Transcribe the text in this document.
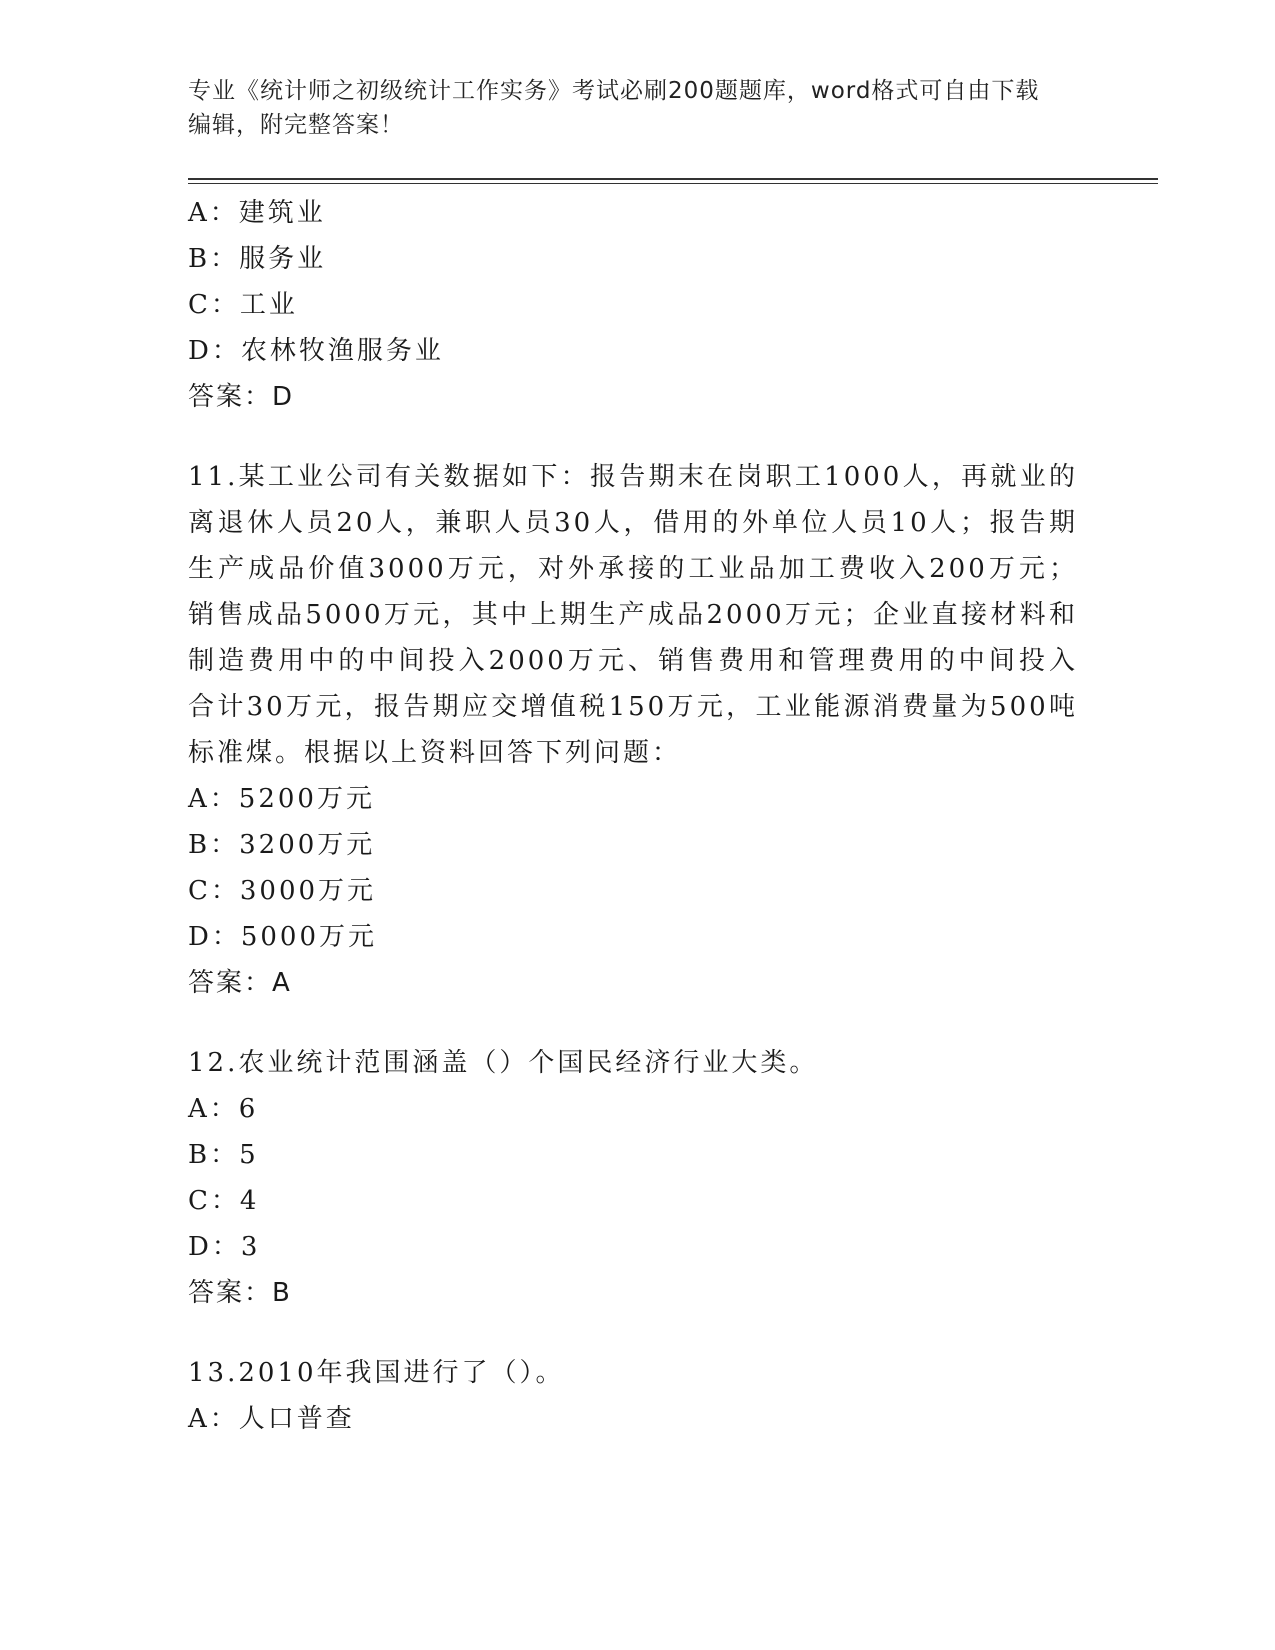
专业《统计师之初级统计工作实务》考试必刷200题题库，word格式可自由下载
编辑，附完整答案！
A：建筑业
B：服务业
C：工业
D：农林牧渔服务业
答案：D
11.某工业公司有关数据如下：报告期末在岗职工1000人，再就业的离退休人员20人，兼职人员30人，借用的外单位人员10人；报告期生产成品价值3000万元，对外承接的工业品加工费收入200万元；销售成品5000万元，其中上期生产成品2000万元；企业直接材料和制造费用中的中间投入2000万元、销售费用和管理费用的中间投入合计30万元，报告期应交增值税150万元，工业能源消费量为500吨标准煤。根据以上资料回答下列问题：
A：5200万元
B：3200万元
C：3000万元
D：5000万元
答案：A
12.农业统计范围涵盖（）个国民经济行业大类。
A：6
B：5
C：4
D：3
答案：B
13.2010年我国进行了（）。
A：人口普查
